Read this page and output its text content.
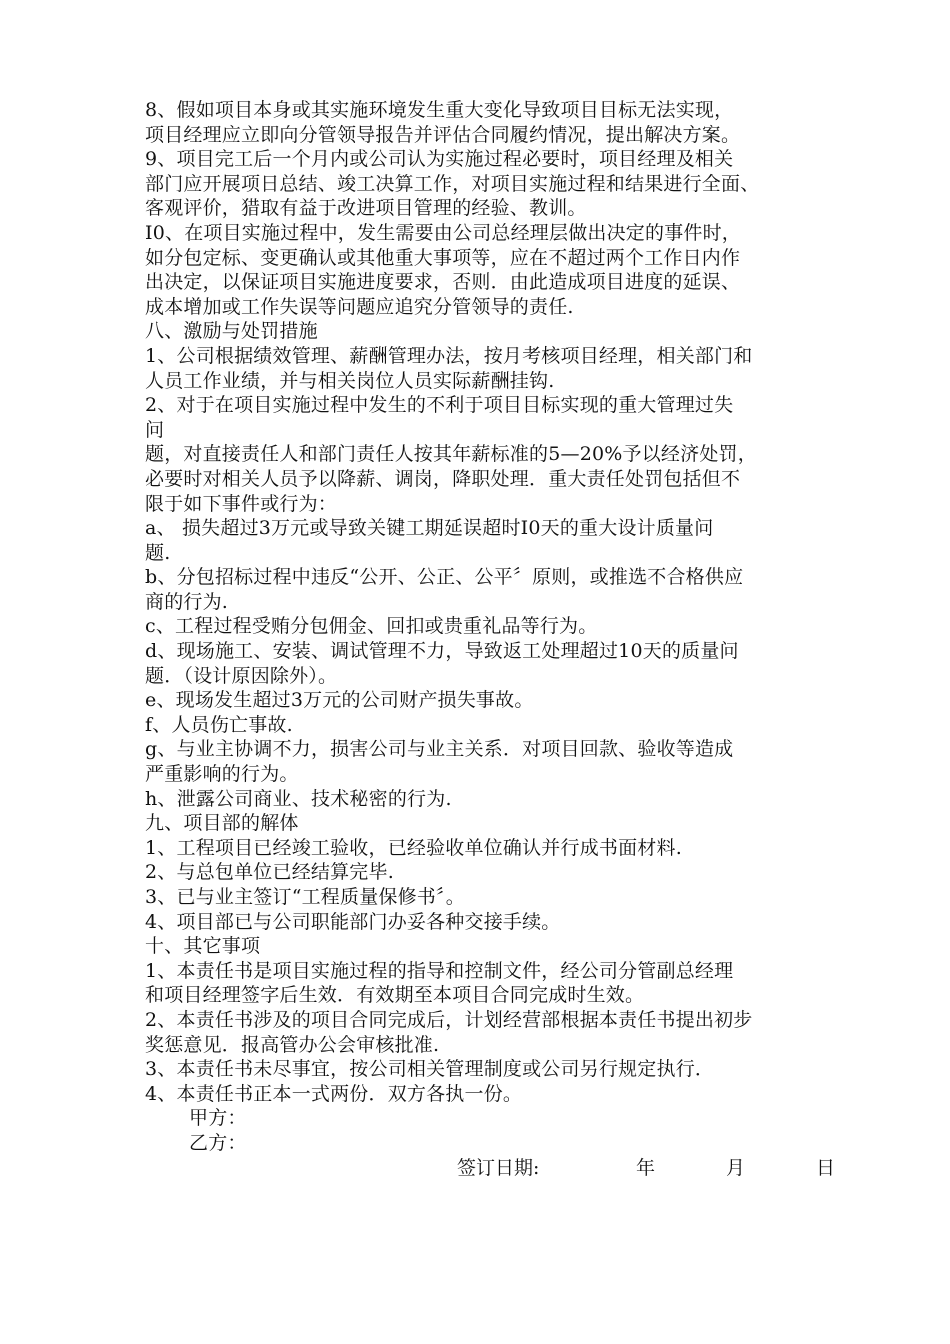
8、假如项目本身或其实施环境发生重大变化导致项目目标无法实现，
项目经理应立即向分管领导报告并评估合同履约情况，提出解决方案。
9、项目完工后一个月内或公司认为实施过程必要时，项目经理及相关
部门应开展项日总结、竣工决算工作，对项目实施过程和结果进行全面、
客观评价，猎取有益于改进项目管理的经验、教训。
I0、在项目实施过程中，发生需要由公司总经理层做出决定的事件时，
如分包定标、变更确认或其他重大事项等，应在不超过两个工作日内作
出决定，以保证项目实施进度要求，否则．由此造成项目进度的延误、
成本增加或工作失误等问题应追究分管领导的责任.
八、激励与处罚措施
1、公司根据绩效管理、薪酬管理办法，按月考核项目经理，相关部门和
人员工作业绩，并与相关岗位人员实际薪酬挂钩.
2、对于在项目实施过程中发生的不利于项目目标实现的重大管理过失
问
题，对直接责任人和部门责任人按其年薪标准的5—20%予以经济处罚，
必要时对相关人员予以降薪、调岗，降职处理．重大责任处罚包括但不
限于如下事件或行为：
a、 损失超过3万元或导致关键工期延误超时I0天的重大设计质量问
题.
b、分包招标过程中违反“公开、公正、公平〞原则，或推选不合格供应
商的行为.
c、工程过程受贿分包佣金、回扣或贵重礼品等行为。
d、现场施工、安装、调试管理不力，导致返工处理超过10天的质量问
题．（设计原因除外）。
e、现场发生超过3万元的公司财产损失事故。
f、人员伤亡事故.
g、与业主协调不力，损害公司与业主关系．对项目回款、验收等造成
严重影响的行为。
h、泄露公司商业、技术秘密的行为.
九、项目部的解体
1、工程项目已经竣工验收，已经验收单位确认并行成书面材料.
2、与总包单位已经结算完毕.
3、已与业主签订“工程质量保修书〞。
4、项目部已与公司职能部门办妥各种交接手续。
十、其它事项
1、本责任书是项目实施过程的指导和控制文件，经公司分管副总经理
和项目经理签字后生效．有效期至本项目合同完成时生效。
2、本责任书涉及的项目合同完成后，计划经营部根据本责任书提出初步
奖惩意见．报高管办公会审核批准.
3、本责任书未尽事宜，按公司相关管理制度或公司另行规定执行．
4、本责任书正本一式两份．双方各执一份。
甲方：
乙方：
签订日期:	年	月	日
